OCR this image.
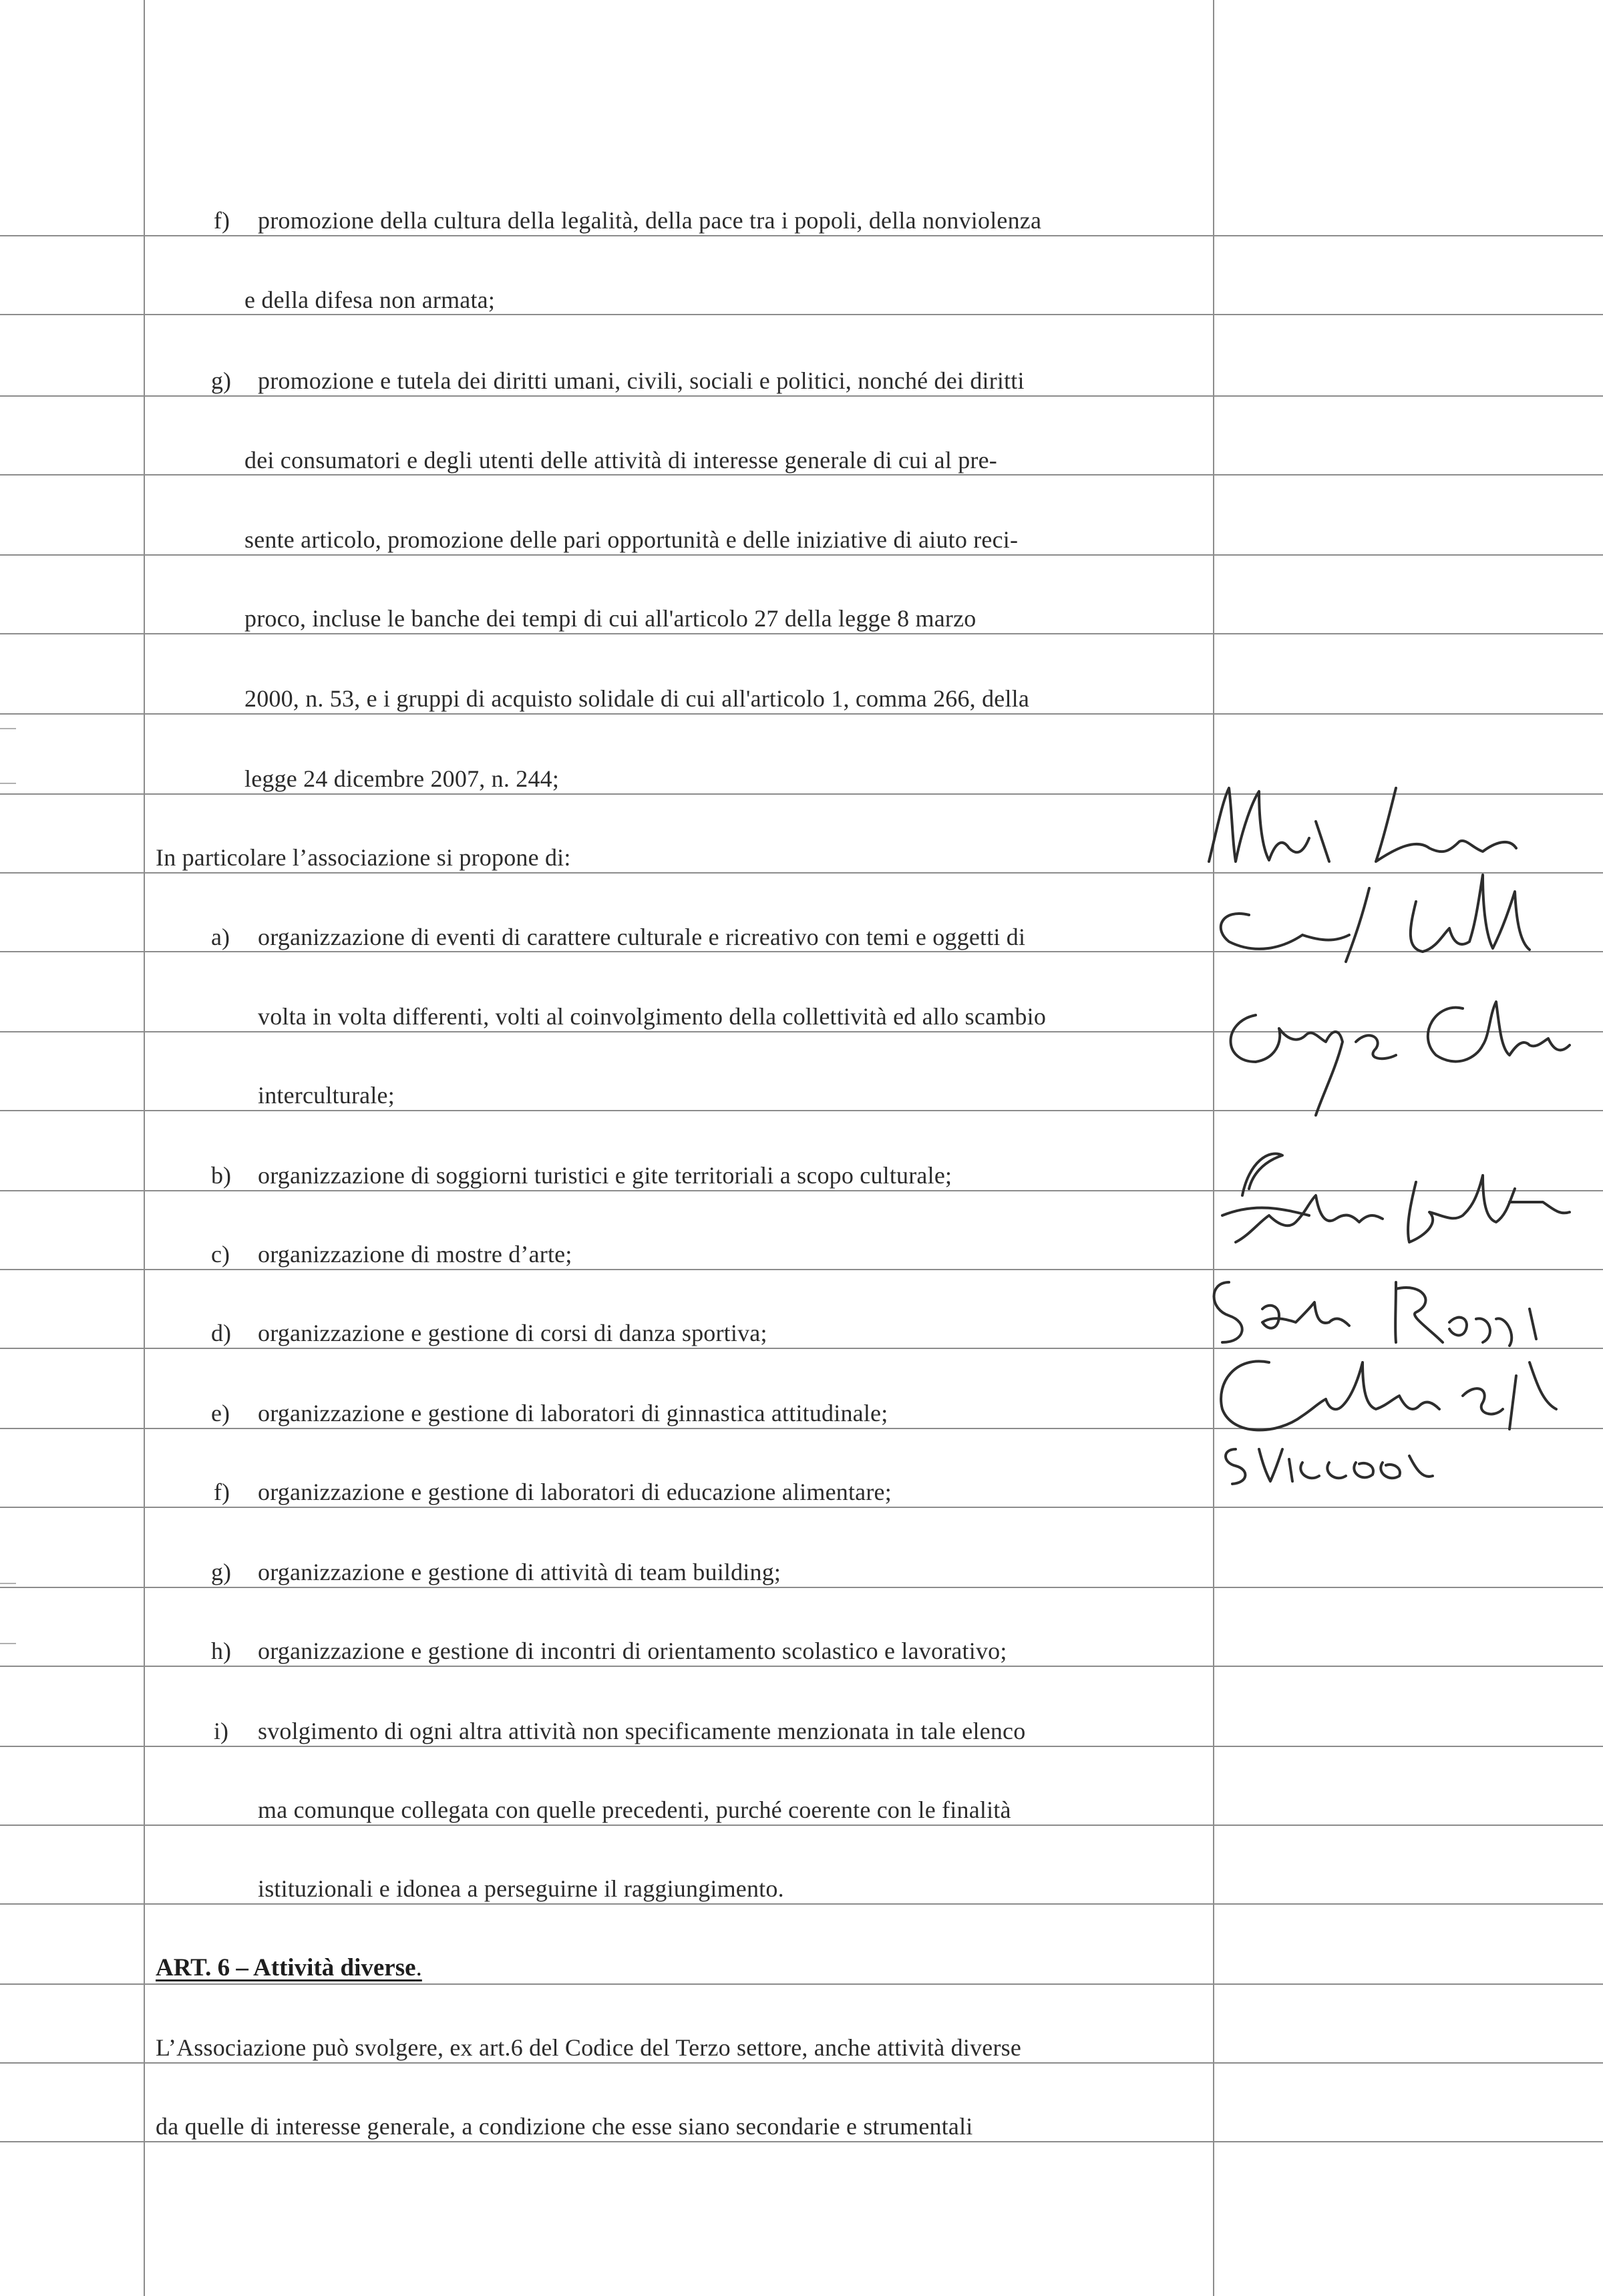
f) promozione della cultura della legalità, della pace tra i popoli, della nonviolenza
e della difesa non armata;
g) promozione e tutela dei diritti umani, civili, sociali e politici, nonché dei diritti
dei consumatori e degli utenti delle attività di interesse generale di cui al pre-
sente articolo, promozione delle pari opportunità e delle iniziative di aiuto reci-
proco, incluse le banche dei tempi di cui all'articolo 27 della legge 8 marzo
2000, n. 53, e i gruppi di acquisto solidale di cui all'articolo 1, comma 266, della
legge 24 dicembre 2007, n. 244;
In particolare l’associazione si propone di:
a) organizzazione di eventi di carattere culturale e ricreativo con temi e oggetti di
volta in volta differenti, volti al coinvolgimento della collettività ed allo scambio
interculturale;
b) organizzazione di soggiorni turistici e gite territoriali a scopo culturale;
c) organizzazione di mostre d’arte;
d) organizzazione e gestione di corsi di danza sportiva;
e) organizzazione e gestione di laboratori di ginnastica attitudinale;
f) organizzazione e gestione di laboratori di educazione alimentare;
g) organizzazione e gestione di attività di team building;
h) organizzazione e gestione di incontri di orientamento scolastico e lavorativo;
i) svolgimento di ogni altra attività non specificamente menzionata in tale elenco
ma comunque collegata con quelle precedenti, purché coerente con le finalità
istituzionali e idonea a perseguirne il raggiungimento.
ART. 6 – Attività diverse.
L’Associazione può svolgere, ex art.6 del Codice del Terzo settore, anche attività diverse
da quelle di interesse generale, a condizione che esse siano secondarie e strumentali
